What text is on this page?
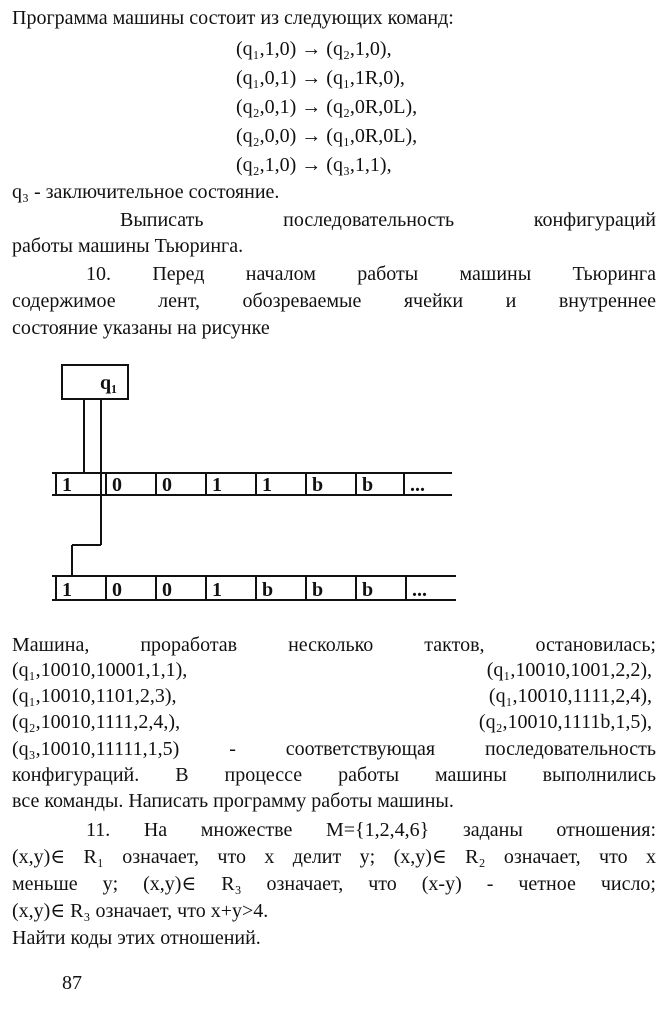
Программа машины состоит из следующих команд:
(q₁,1,0) → (q₂,1,0),
(q₁,0,1) → (q₁,1R,0),
(q₂,0,1) → (q₂,0R,0L),
(q₂,0,0) → (q₁,0R,0L),
(q₂,1,0) → (q₃,1,1),
q₃ - заключительное состояние.
Выписать последовательность конфигураций
работы машины Тьюринга.
10. Перед началом работы машины Тьюринга
содержимое лент, обозреваемые ячейки и внутреннее
состояние указаны на рисунке
q₁
1 0 0 1 1 b b ...
1 0 0 1 b b b ...
Машина, проработав несколько тактов, остановилась;
(q₁,10010,10001,1,1),	(q₁,10010,1001,2,2),
(q₁,10010,1101,2,3),	(q₁,10010,1111,2,4),
(q₂,10010,1111,2,4,),	(q₂,10010,1111b,1,5),
(q₃,10010,11111,1,5) - соответствующая последовательность
конфигураций. В процессе работы машины выполнились
все команды. Написать программу работы машины.
11. На множестве M={1,2,4,6} заданы отношения:
(x,y)∈ R₁ означает, что x делит y; (x,y)∈ R₂ означает, что x
меньше y; (x,y)∈ R₃ означает, что (x-y) - четное число;
(x,y)∈ R₃ означает, что x+y>4.
Найти коды этих отношений.
87
